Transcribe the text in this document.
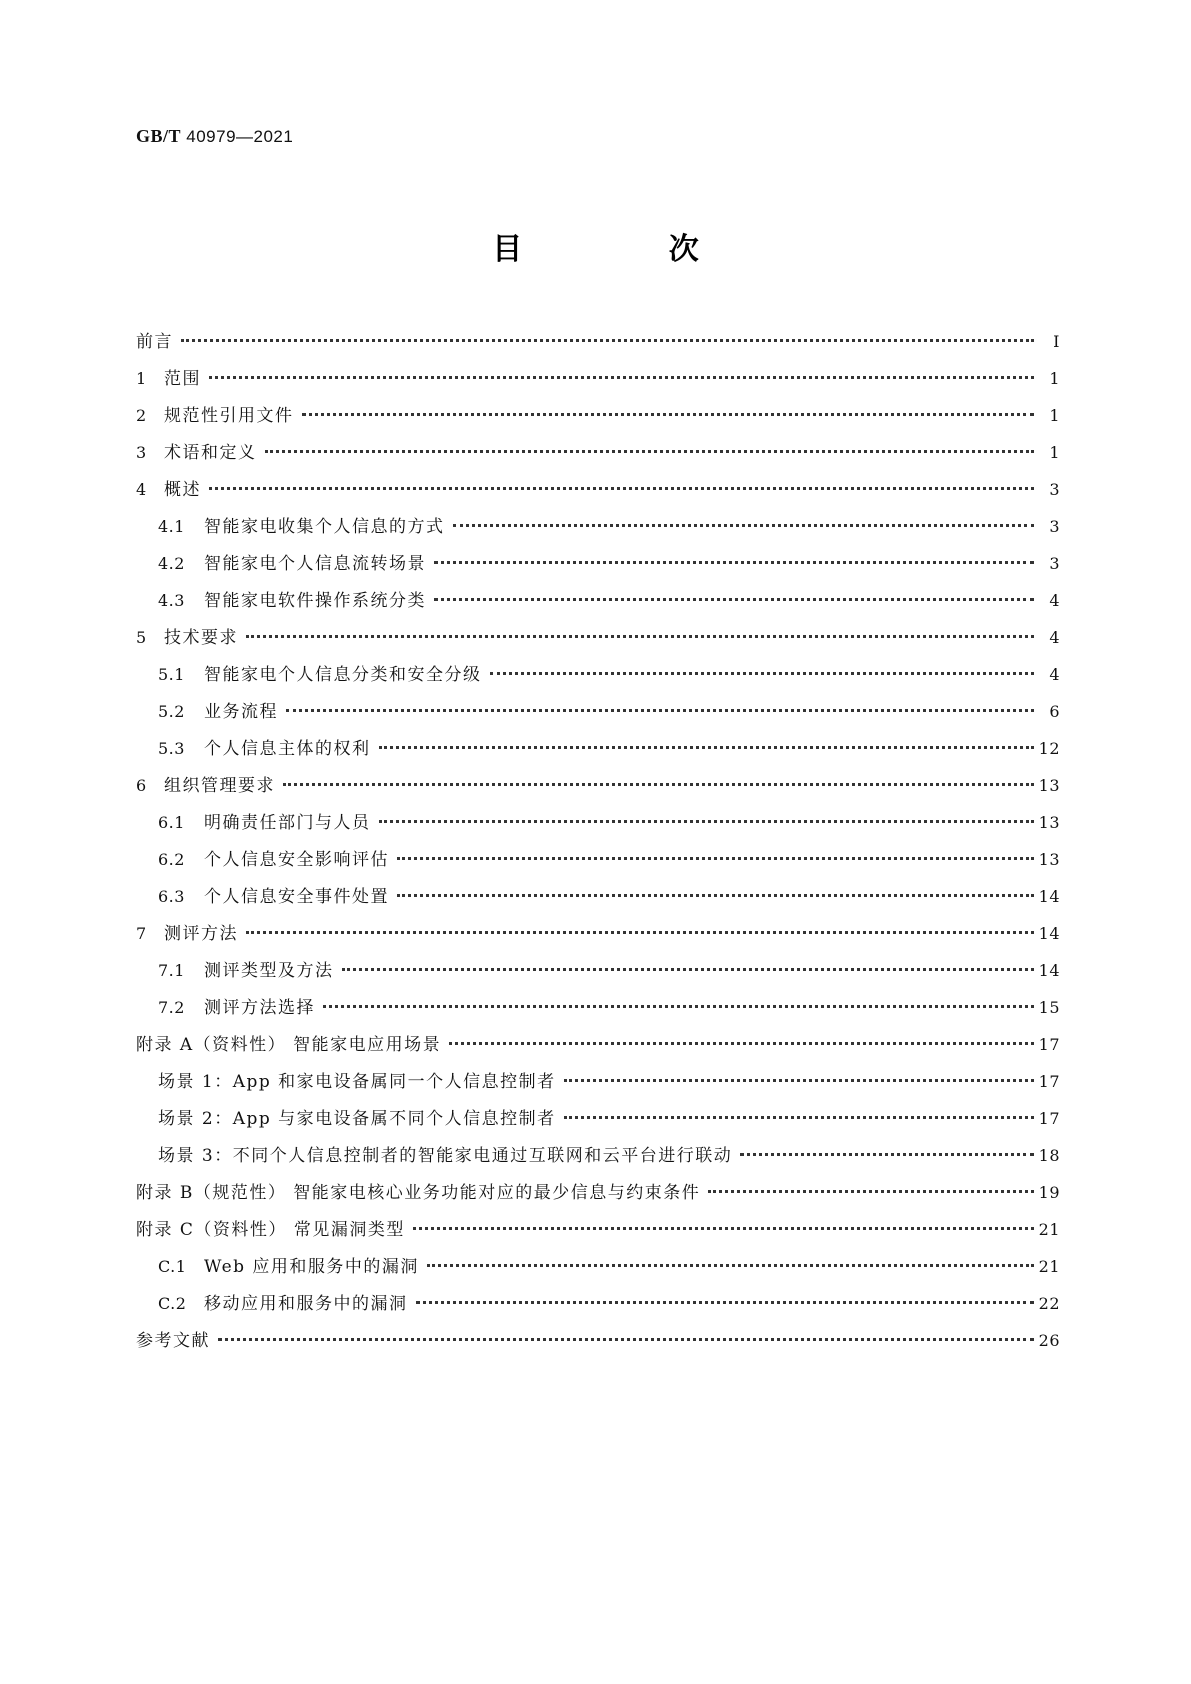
GB/T 40979—2021
目 次
前言	Ⅰ
1	范围	1
2	规范性引用文件	1
3	术语和定义	1
4	概述	3
4.1	智能家电收集个人信息的方式	3
4.2	智能家电个人信息流转场景	3
4.3	智能家电软件操作系统分类	4
5	技术要求	4
5.1	智能家电个人信息分类和安全分级	4
5.2	业务流程	6
5.3	个人信息主体的权利	12
6	组织管理要求	13
6.1	明确责任部门与人员	13
6.2	个人信息安全影响评估	13
6.3	个人信息安全事件处置	14
7	测评方法	14
7.1	测评类型及方法	14
7.2	测评方法选择	15
附录 A（资料性） 智能家电应用场景	17
场景 1：App 和家电设备属同一个人信息控制者	17
场景 2：App 与家电设备属不同个人信息控制者	17
场景 3：不同个人信息控制者的智能家电通过互联网和云平台进行联动	18
附录 B（规范性） 智能家电核心业务功能对应的最少信息与约束条件	19
附录 C（资料性） 常见漏洞类型	21
C.1	Web 应用和服务中的漏洞	21
C.2	移动应用和服务中的漏洞	22
参考文献	26
